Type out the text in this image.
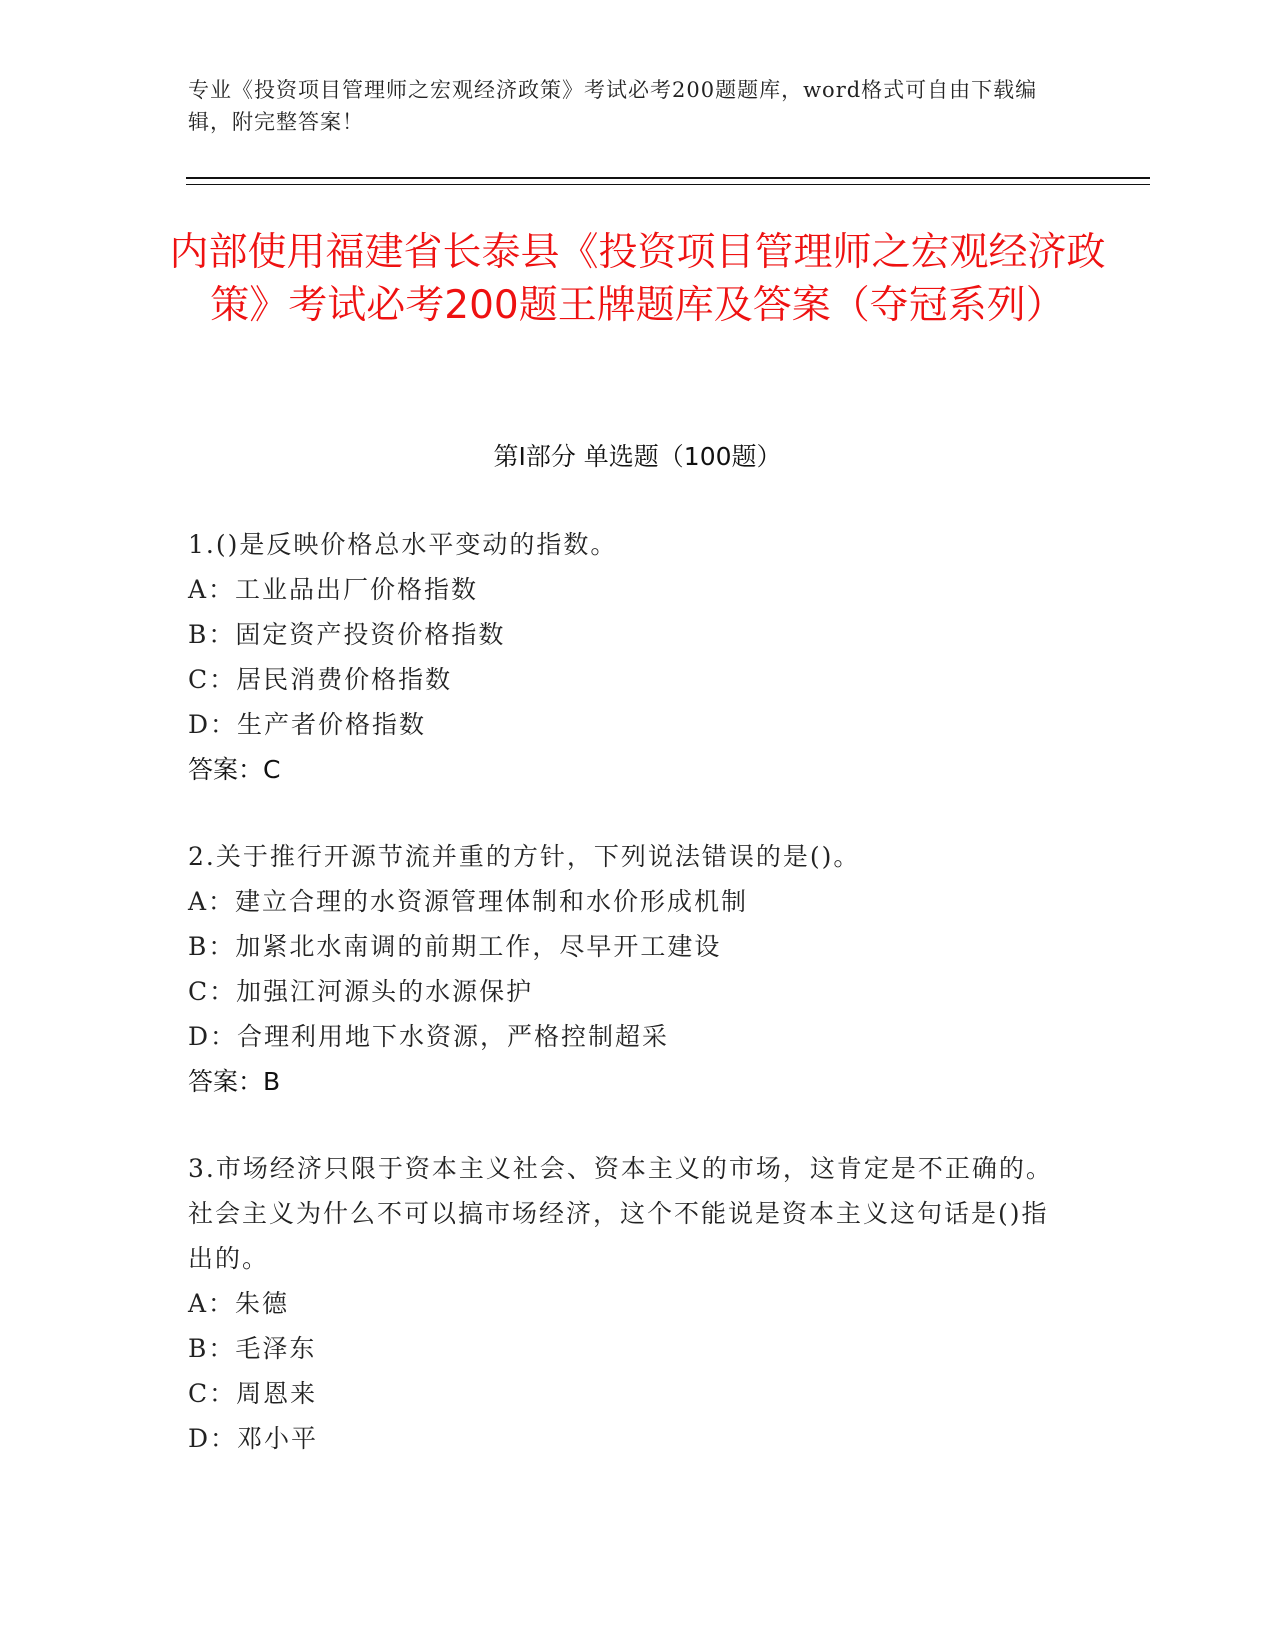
专业《投资项目管理师之宏观经济政策》考试必考200题题库，word格式可自由下载编辑，附完整答案！
内部使用福建省长泰县《投资项目管理师之宏观经济政策》考试必考200题王牌题库及答案（夺冠系列）
第Ⅰ部分 单选题（100题）
1.()是反映价格总水平变动的指数。
A：工业品出厂价格指数
B：固定资产投资价格指数
C：居民消费价格指数
D：生产者价格指数
答案：C
2.关于推行开源节流并重的方针，下列说法错误的是()。
A：建立合理的水资源管理体制和水价形成机制
B：加紧北水南调的前期工作，尽早开工建设
C：加强江河源头的水源保护
D：合理利用地下水资源，严格控制超采
答案：B
3.市场经济只限于资本主义社会、资本主义的市场，这肯定是不正确的。社会主义为什么不可以搞市场经济，这个不能说是资本主义这句话是()指出的。
A：朱德
B：毛泽东
C：周恩来
D：邓小平
